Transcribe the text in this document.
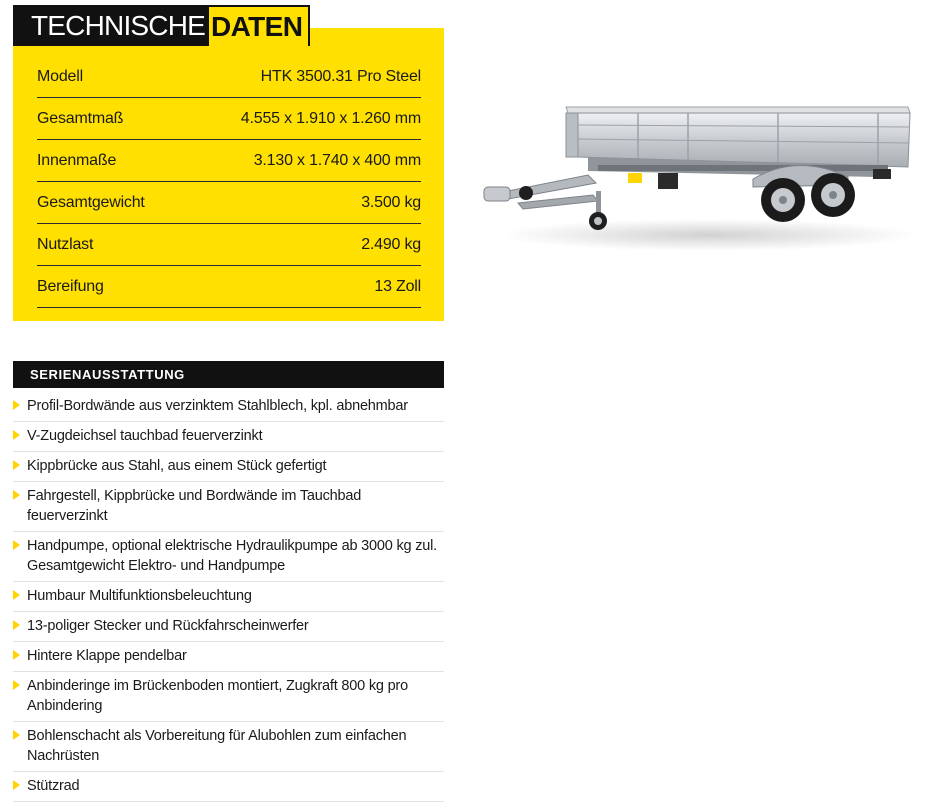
TECHNISCHE DATEN
Modell	HTK 3500.31 Pro Steel
Gesamtmaß	4.555 x 1.910 x 1.260 mm
Innenmaße	3.130 x 1.740 x 400 mm
Gesamtgewicht	3.500 kg
Nutzlast	2.490 kg
Bereifung	13 Zoll
SERIENAUSSTATTUNG
Profil-Bordwände aus verzinktem Stahlblech, kpl. abnehmbar
V-Zugdeichsel tauchbad feuerverzinkt
Kippbrücke aus Stahl, aus einem Stück gefertigt
Fahrgestell, Kippbrücke und Bordwände im Tauchbad feuerverzinkt
Handpumpe, optional elektrische Hydraulikpumpe ab 3000 kg zul. Gesamtgewicht Elektro- und Handpumpe
Humbaur Multifunktionsbeleuchtung
13-poliger Stecker und Rückfahrscheinwerfer
Hintere Klappe pendelbar
Anbinderinge im Brückenboden montiert, Zugkraft 800 kg pro Anbindering
Bohlenschacht als Vorbereitung für Alubohlen zum einfachen Nachrüsten
Stützrad
